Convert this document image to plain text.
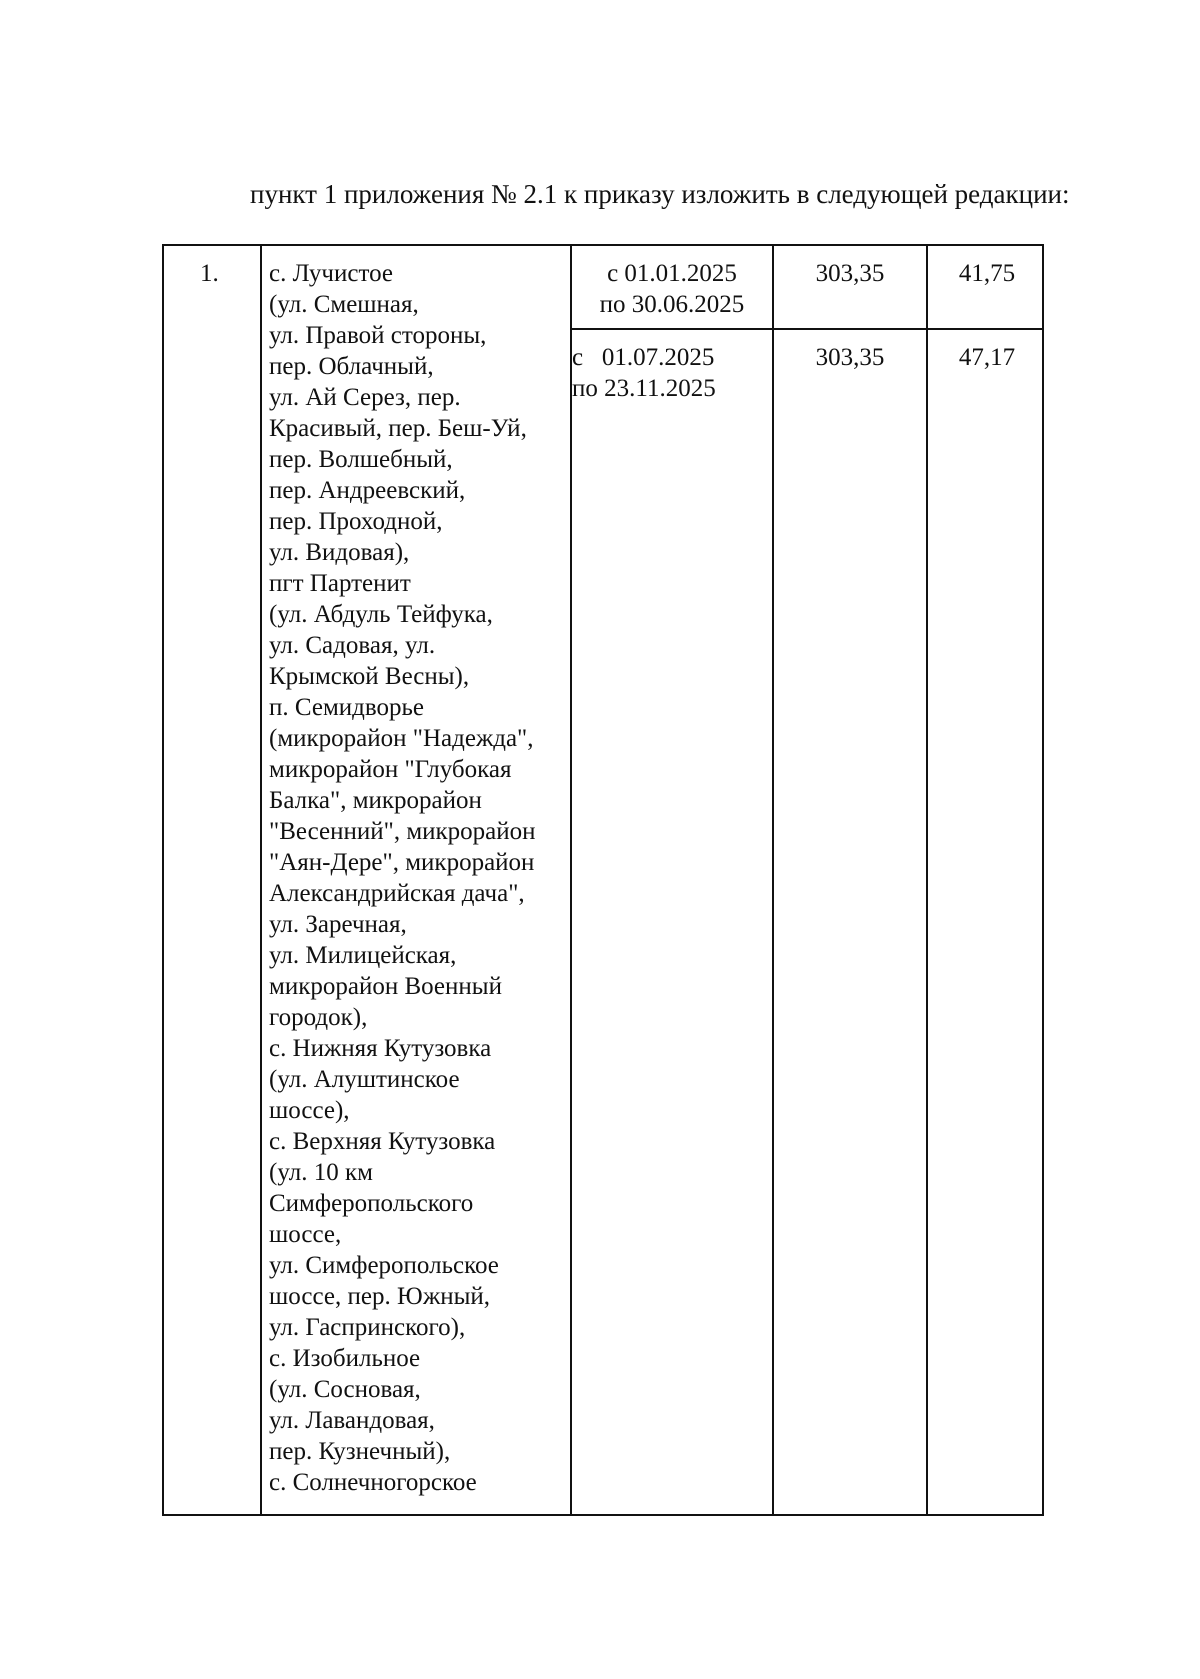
пункт 1 приложения № 2.1 к приказу изложить в следующей редакции:
1. с. Лучистое
(ул. Смешная,
ул. Правой стороны,
пер. Облачный,
ул. Ай Серез, пер.
Красивый, пер. Беш-Уй,
пер. Волшебный,
пер. Андреевский,
пер. Проходной,
ул. Видовая),
пгт Партенит
(ул. Абдуль Тейфука,
ул. Садовая, ул.
Крымской Весны),
п. Семидворье
(микрорайон "Надежда",
микрорайон "Глубокая
Балка", микрорайон
"Весенний", микрорайон
"Аян-Дере", микрорайон
Александрийская дача",
ул. Заречная,
ул. Милицейская,
микрорайон Военный
городок),
с. Нижняя Кутузовка
(ул. Алуштинское
шоссе),
с. Верхняя Кутузовка
(ул. 10 км
Симферопольского
шоссе,
ул. Симферопольское
шоссе, пер. Южный,
ул. Гаспринского),
с. Изобильное
(ул. Сосновая,
ул. Лавандовая,
пер. Кузнечный),
с. Солнечногорское
с 01.01.2025
по 30.06.2025
303,35	41,75
с   01.07.2025
по 23.11.2025
303,35	47,17
